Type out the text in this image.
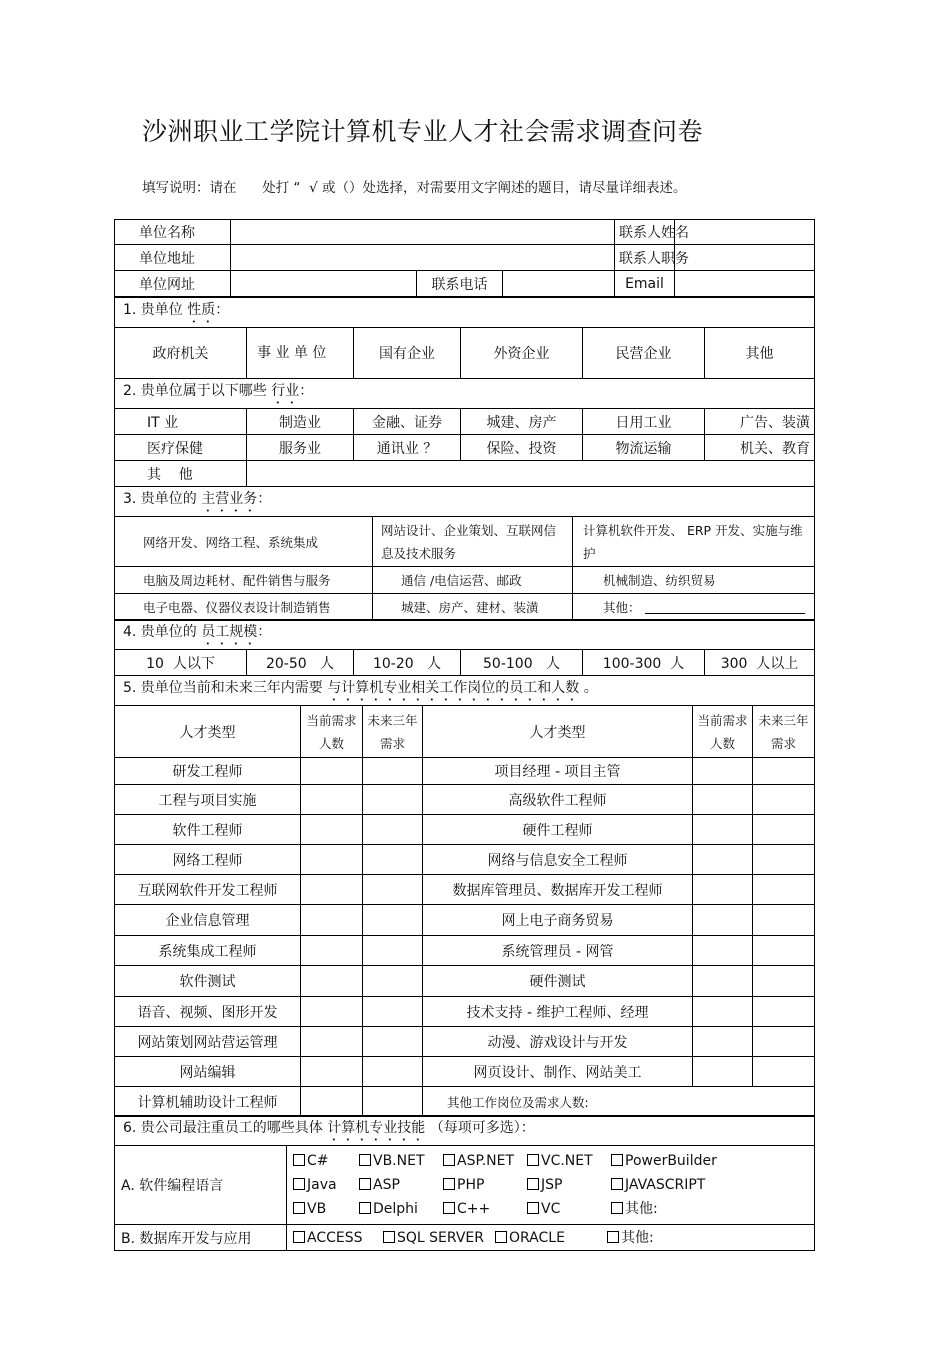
沙洲职业工学院计算机专业人才社会需求调查问卷
填写说明：请在      处打 “  √ 或（）处选择，对需要用文字阐述的题目，请尽量详细表述。
单位名称				联系人姓名	
单位地址				联系人职务	
单位网址		联系电话		Email	
1. 贵单位 性质：
政府机关	事 业 单 位	国有企业	外资企业	民营企业	其他
2. 贵单位属于以下哪些 行业：					
IT 业	制造业	金融、证券	城建、房产	日用工业	广告、装潢
医疗保健	服务业	通讯业 ？	保险、投资	物流运输	机关、教育
其    他					
3. 贵单位的 主营业务：		
网络开发、网络工程、系统集成	网站设计、企业策划、互联网信息及技术服务	计算机软件开发、 ERP 开发、实施与维护
电脑及周边耗材、配件销售与服务	通信 /电信运营、邮政	机械制造、纺织贸易
电子电器、仪器仪表设计制造销售	城建、房产、建材、装潢	其他：
4. 贵单位的 员工规模：
10  人以下	20-50   人	10-20   人	50-100   人	100-300  人	300  人以上
5. 贵单位当前和未来三年内需要 与计算机专业相关工作岗位的员工和人数 。					
人才类型	当前需求人数	未来三年需求	人才类型	当前需求人数	未来三年需求
研发工程师			项目经理 - 项目主管		
工程与项目实施			高级软件工程师		
软件工程师			硬件工程师		
网络工程师			网络与信息安全工程师		
互联网软件开发工程师			数据库管理员、数据库开发工程师		
企业信息管理			网上电子商务贸易		
系统集成工程师			系统管理员 - 网管		
软件测试			硬件测试		
语音、视频、图形开发			技术支持 - 维护工程师、经理		
网站策划网站营运管理			动漫、游戏设计与开发		
网站编辑			网页设计、制作、网站美工		
计算机辅助设计工程师			其他工作岗位及需求人数:		
6. 贵公司最注重员工的哪些具体 计算机专业技能 （每项可多选）：	
A. 软件编程语言	C# VB.NET ASP.NET VC.NET PowerBuilder
Java ASP PHP JSP JAVASCRIPT
VB Delphi C++ VC 其他:

B. 数据库开发与应用	ACCESS SQL SERVER ORACLE 其他:
